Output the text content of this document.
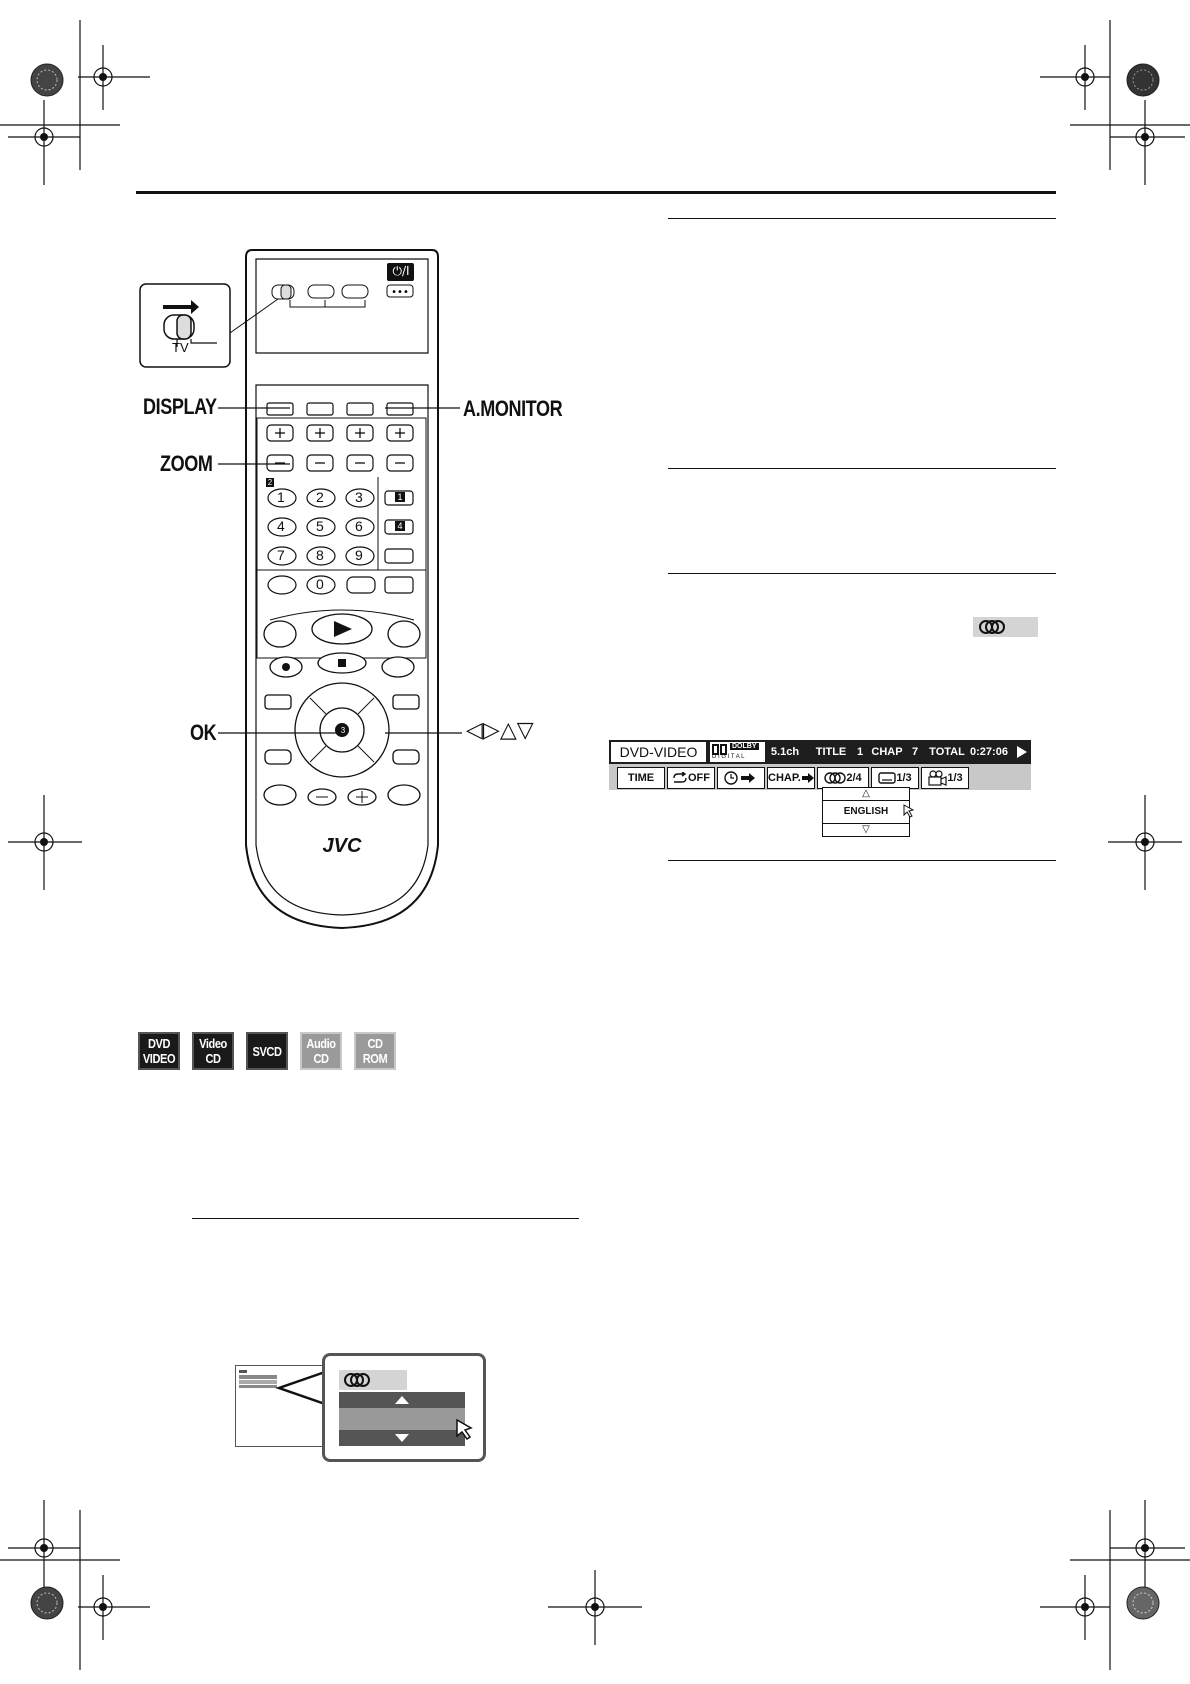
•••
1 2 3
4 5 6
7 8 9
0
1
2
3
4
⏻/I
JVC
TV
DISPLAY
ZOOM
OK
A.MONITOR
◁▷△▽
DVD
VIDEO
Video
CD	SVCD Audio
CD
CD
ROM
DVD-VIDEO	DOLBY
D I G I T A L	5.1ch	TITLE 1 CHAP 7	TOTAL 0:27:06
TIME	OFF	CHAP.	2/4	1/3	1/3
△
ENGLISH
▽
